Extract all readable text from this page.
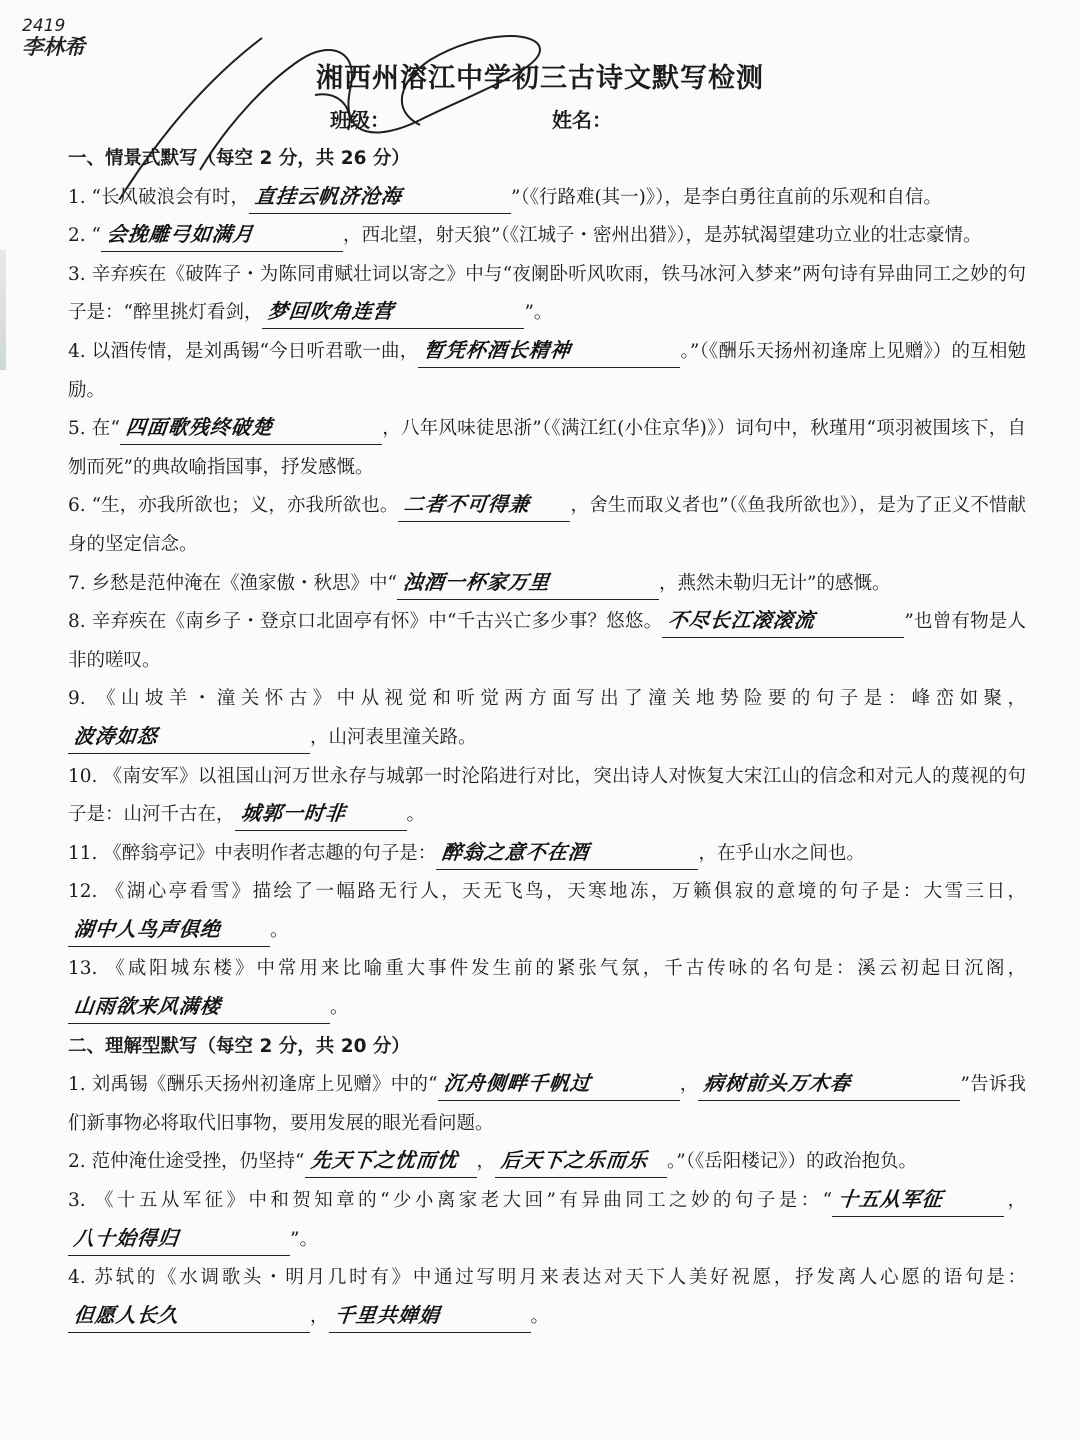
2419
李林希
湘西州溶江中学初三古诗文默写检测
班级：	姓名：
一、情景式默写（每空 2 分，共 26 分）

1. “长风破浪会有时， 直挂云帆济沧海	”（《行路难(其一)》），是李白勇往直前的乐观和自信。

2. “ 会挽雕弓如满月	，西北望，射天狼”（《江城子・密州出猎》），是苏轼渴望建功立业的壮志豪情。

3. 辛弃疾在《破阵子・为陈同甫赋壮词以寄之》中与“夜阑卧听风吹雨，铁马冰河入梦来”两句诗有异曲同工之妙的句子是：“醉里挑灯看剑， 梦回吹角连营	”。

4. 以酒传情，是刘禹锡“今日听君歌一曲， 暂凭杯酒长精神	。”（《酬乐天扬州初逢席上见赠》）的互相勉励。

5. 在“ 四面歌残终破楚	，八年风味徒思浙”（《满江红(小住京华)》）词句中，秋瑾用“项羽被围垓下，自刎而死”的典故喻指国事，抒发感慨。

6. “生，亦我所欲也；义，亦我所欲也。 二者不可得兼 ，舍生而取义者也”（《鱼我所欲也》），是为了正义不惜献身的坚定信念。

7. 乡愁是范仲淹在《渔家傲・秋思》中“ 浊酒一杯家万里	，燕然未勒归无计”的感慨。

8. 辛弃疾在《南乡子・登京口北固亭有怀》中“千古兴亡多少事？悠悠。 不尽长江滚滚流	”也曾有物是人非的嗟叹。

9. 《山坡羊・潼关怀古》中从视觉和听觉两方面写出了潼关地势险要的句子是：峰峦如聚，波涛如怒	，山河表里潼关路。

10. 《南安军》以祖国山河万世永存与城郭一时沦陷进行对比，突出诗人对恢复大宋江山的信念和对元人的蔑视的句子是：山河千古在， 城郭一时非	。

11. 《醉翁亭记》中表明作者志趣的句子是： 醉翁之意不在酒	，在乎山水之间也。

12. 《湖心亭看雪》描绘了一幅路无行人，天无飞鸟，天寒地冻，万籁俱寂的意境的句子是：大雪三日，湖中人鸟声俱绝	。

13. 《咸阳城东楼》中常用来比喻重大事件发生前的紧张气氛，千古传咏的名句是：溪云初起日沉阁，山雨欲来风满楼	。

二、理解型默写（每空 2 分，共 20 分）

1. 刘禹锡《酬乐天扬州初逢席上见赠》中的“ 沉舟侧畔千帆过	， 病树前头万木春	”告诉我们新事物必将取代旧事物，要用发展的眼光看问题。

2. 范仲淹仕途受挫，仍坚持“ 先天下之忧而忧 ， 后天下之乐而乐 。”（《岳阳楼记》）的政治抱负。

3. 《十五从军征》中和贺知章的“少小离家老大回”有异曲同工之妙的句子是：“ 十五从军征	，八十始得归	”。

4. 苏轼的《水调歌头・明月几时有》中通过写明月来表达对天下人美好祝愿，抒发离人心愿的语句是：但愿人长久	， 千里共婵娟	。
